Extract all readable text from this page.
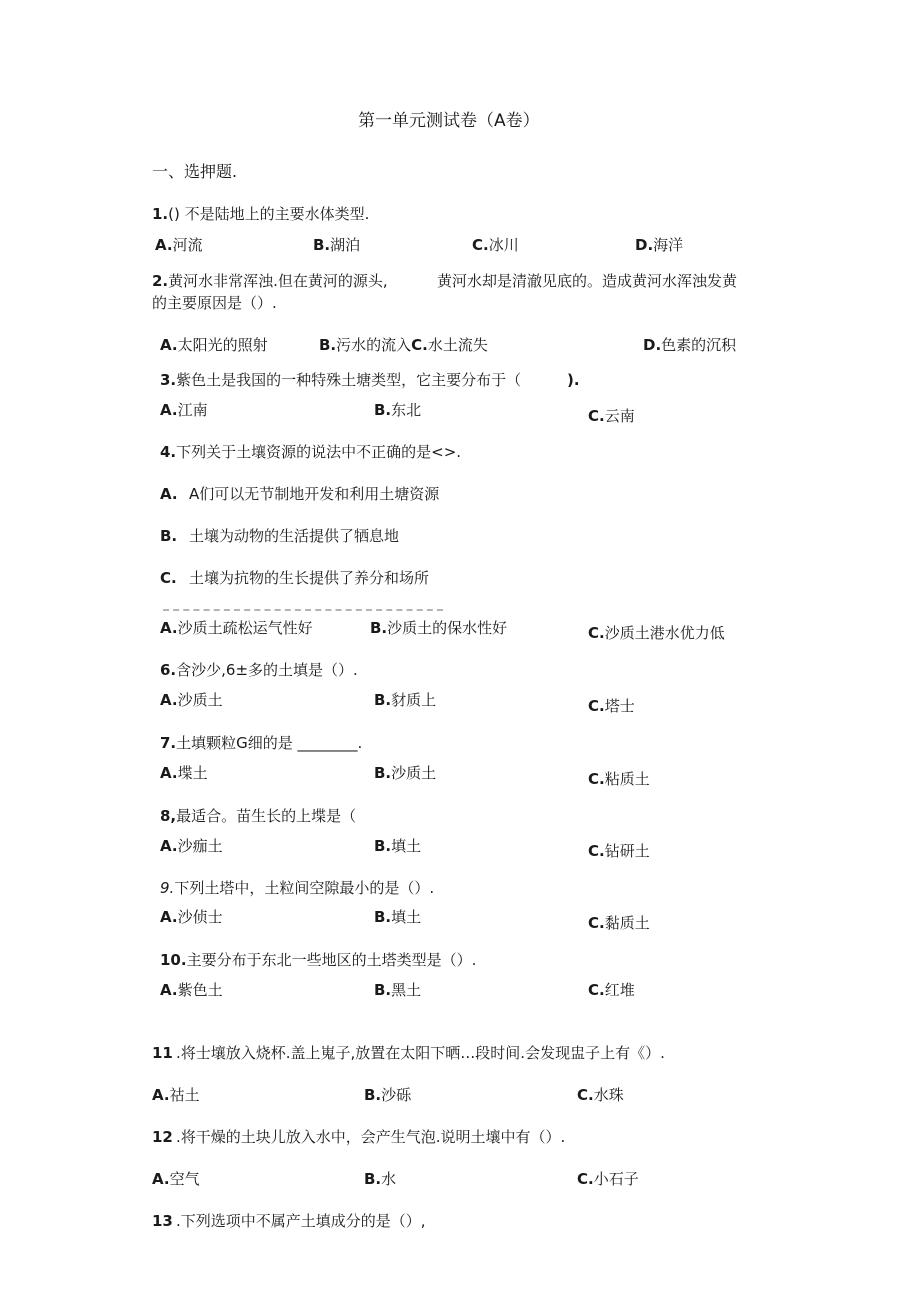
第一单元测试卷（A卷）
一、选押题.
1.() 不是陆地上的主要水体类型.
A.河流	B.湖泊	C.冰川	D.海洋
2.黄河水非常浑浊.但在黄河的源头,	黄河水却是清澈见底的。造成黄河水浑浊发黄
的主要原因是（）.
A.太阳光的照射	B.污水的流入C.水土流失	D.色素的沉积
3.紫色土是我国的一种特殊土塘类型，它主要分布于（	).
A.江南	B.东北	C.云南
4.下列关于土壤资源的说法中不正确的是<>.
A. A们可以无节制地开发和利用土塘资源
B. 土壤为动物的生活提供了牺息地
C. 土壤为抗物的生长提供了养分和场所
A.沙质土疏松运气性好	B.沙质土的保水性好	C.沙质土港水优力低
6.含沙少,6±多的土填是（）.
A.沙质土	B.豺质上	C.塔士
7.土填颗粒G细的是 ________.
A.堞土	B.沙质土	C.粘质土
8,最适合。苗生长的上堞是（
A.沙痂土	B.填土	C.钻研土
9.下列土塔中，土粒间空隙最小的是（）.
A.沙侦士	B.填土	C.黏质土
10.主要分布于东北一些地区的土塔类型是（）.
A.紫色土	B.黑土	C.红堆
11 .将士壤放入烧杯.盖上嵬子,放置在太阳下晒…段时间.会发现盅子上有《）.
A.祜土	B.沙砾	C.水珠
12 .将干燥的土块儿放入水中，会产生气泡.说明土壤中有（）.
A.空气	B.水	C.小石子
13 .下列选项中不属产土填成分的是（）,
